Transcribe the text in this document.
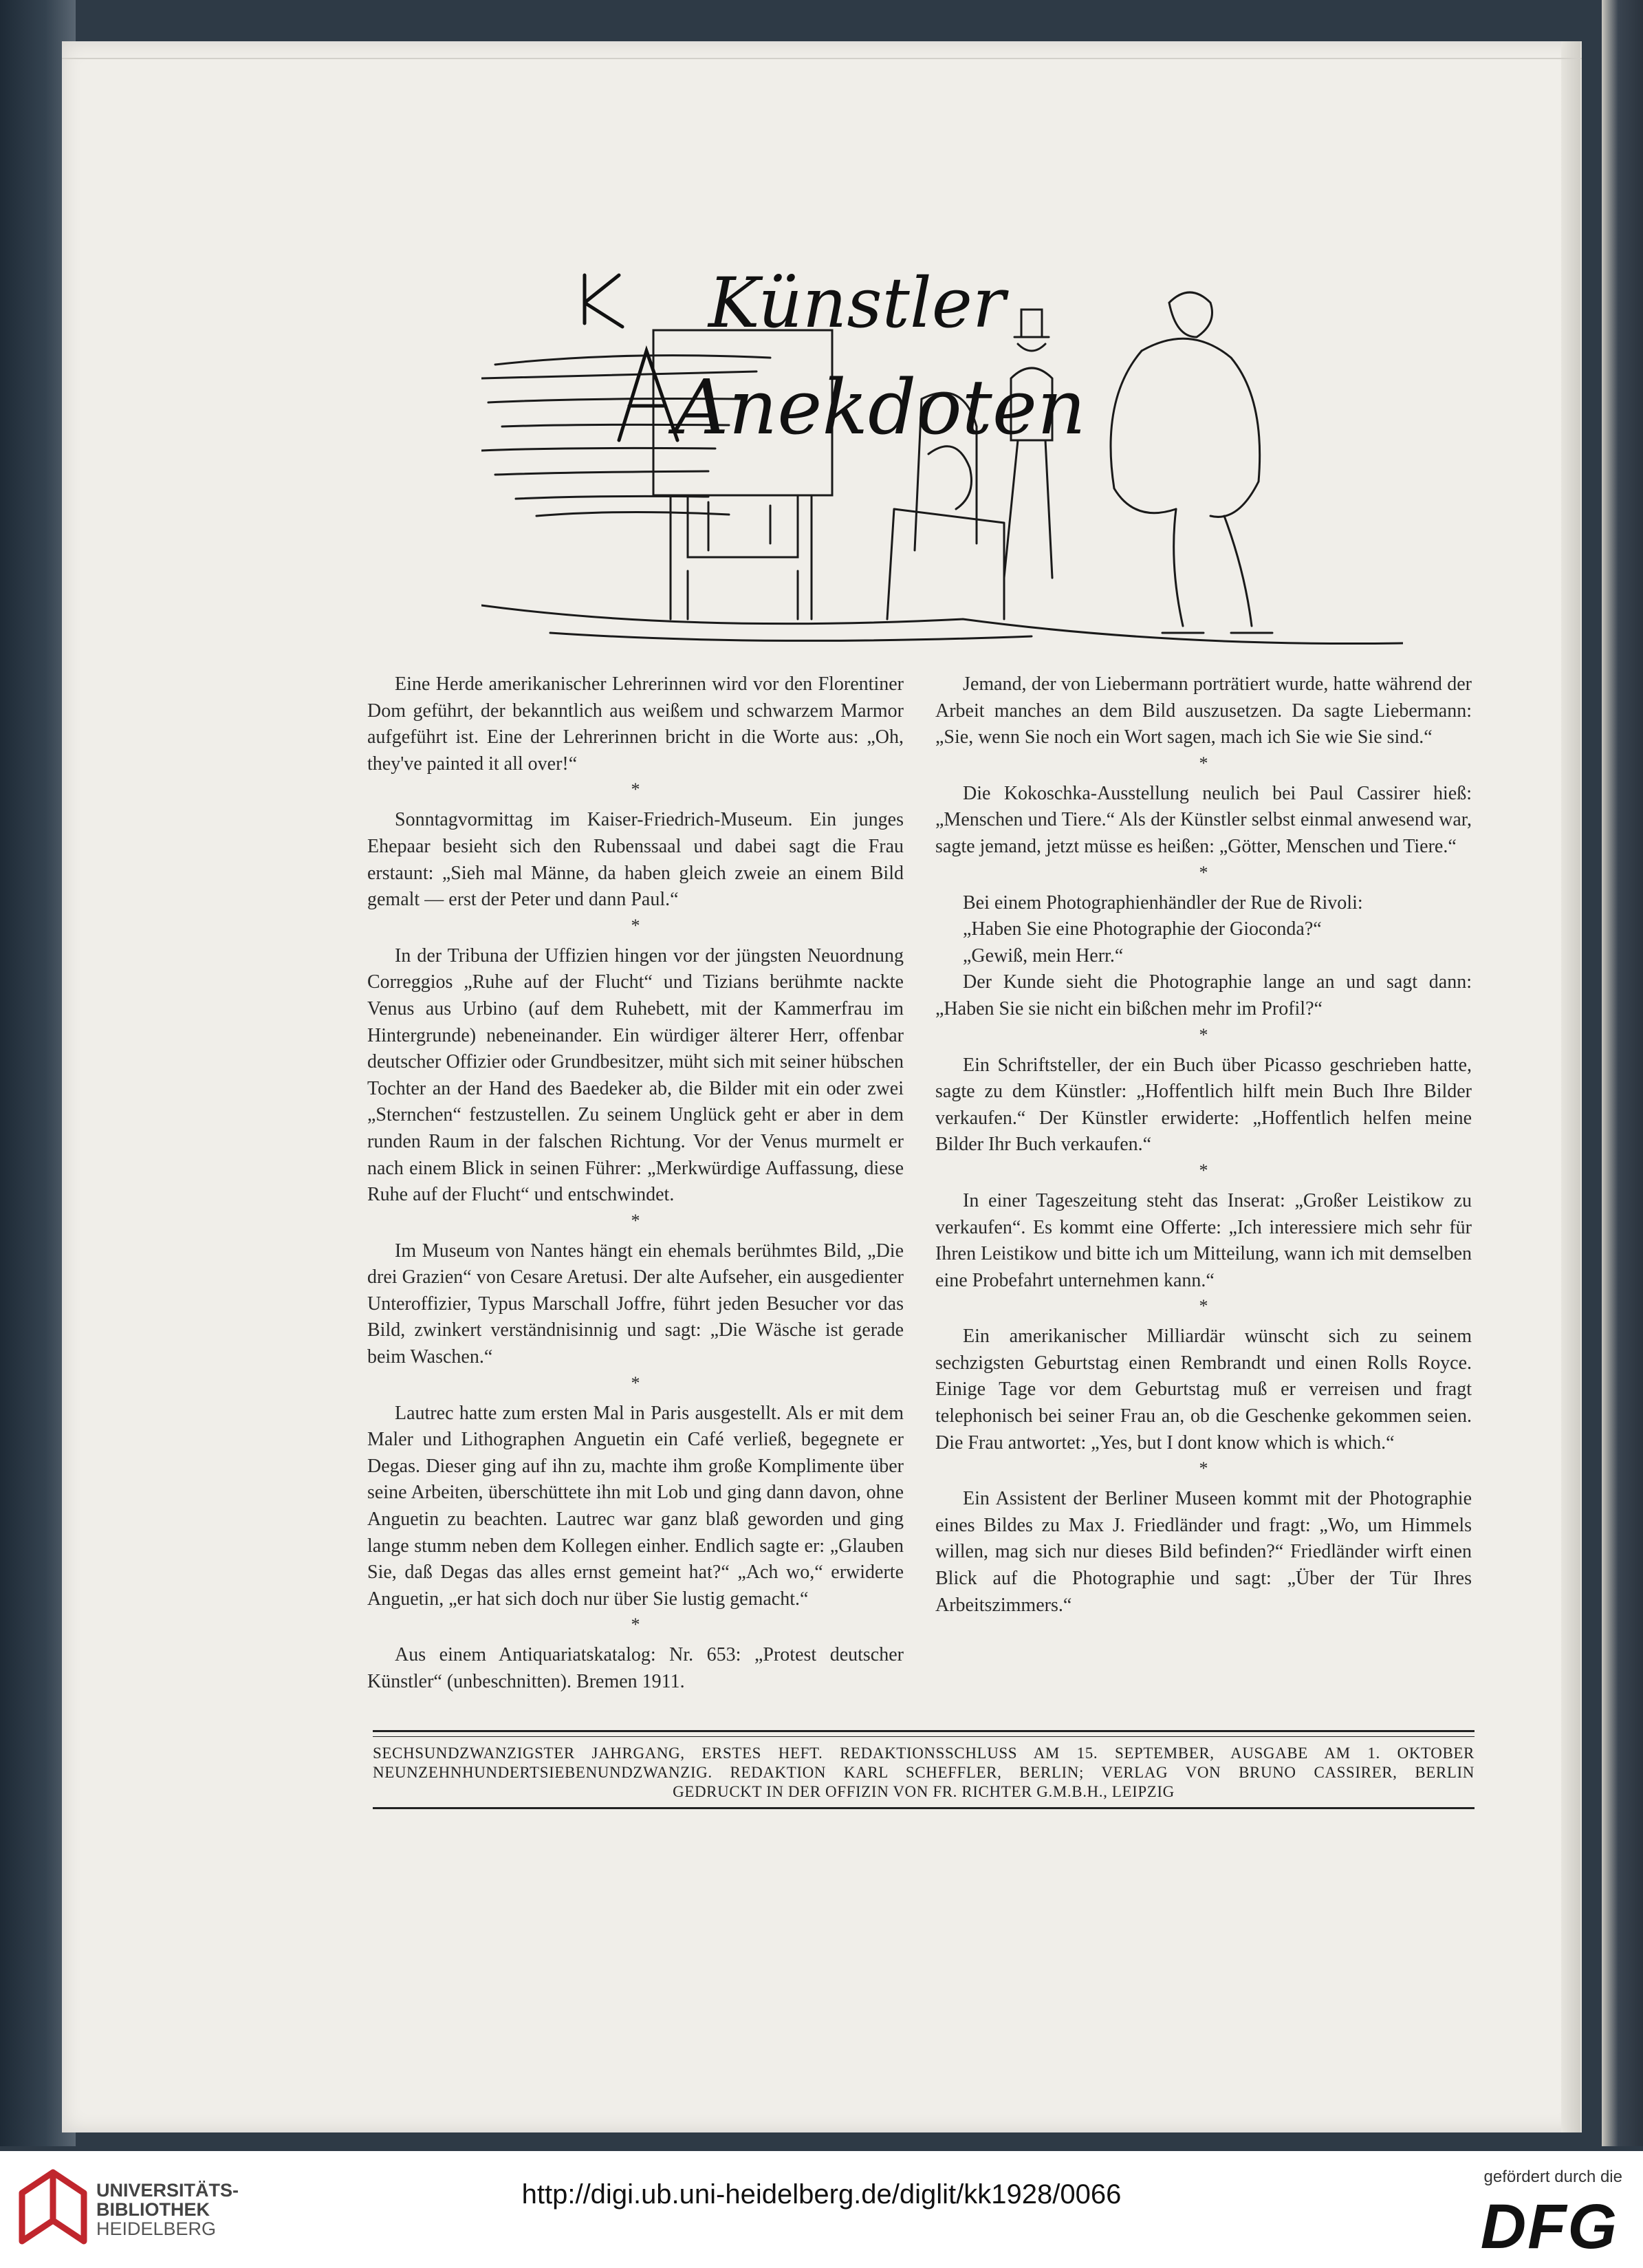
Künstler
Anekdoten

Eine Herde amerikanischer Lehrerinnen wird vor den Florentiner Dom geführt, der bekanntlich aus weißem und schwarzem Marmor aufgeführt ist. Eine der Lehrerinnen bricht in die Worte aus: „Oh, they've painted it all over!“

*

Sonntagvormittag im Kaiser-Friedrich-Museum. Ein junges Ehepaar besieht sich den Rubenssaal und dabei sagt die Frau erstaunt: „Sieh mal Männe, da haben gleich zweie an einem Bild gemalt — erst der Peter und dann Paul.“

*

In der Tribuna der Uffizien hingen vor der jüngsten Neuordnung Correggios „Ruhe auf der Flucht“ und Tizians berühmte nackte Venus aus Urbino (auf dem Ruhebett, mit der Kammerfrau im Hintergrunde) nebeneinander. Ein würdiger älterer Herr, offenbar deutscher Offizier oder Grundbesitzer, müht sich mit seiner hübschen Tochter an der Hand des Baedeker ab, die Bilder mit ein oder zwei „Sternchen“ festzustellen. Zu seinem Unglück geht er aber in dem runden Raum in der falschen Richtung. Vor der Venus murmelt er nach einem Blick in seinen Führer: „Merkwürdige Auffassung, diese Ruhe auf der Flucht“ und entschwindet.

*

Im Museum von Nantes hängt ein ehemals berühmtes Bild, „Die drei Grazien“ von Cesare Aretusi. Der alte Aufseher, ein ausgedienter Unteroffizier, Typus Marschall Joffre, führt jeden Besucher vor das Bild, zwinkert verständnisinnig und sagt: „Die Wäsche ist gerade beim Waschen.“

*

Lautrec hatte zum ersten Mal in Paris ausgestellt. Als er mit dem Maler und Lithographen Anguetin ein Café verließ, begegnete er Degas. Dieser ging auf ihn zu, machte ihm große Komplimente über seine Arbeiten, überschüttete ihn mit Lob und ging dann davon, ohne Anguetin zu beachten. Lautrec war ganz blaß geworden und ging lange stumm neben dem Kollegen einher. Endlich sagte er: „Glauben Sie, daß Degas das alles ernst gemeint hat?“ „Ach wo,“ erwiderte Anguetin, „er hat sich doch nur über Sie lustig gemacht.“

*

Aus einem Antiquariatskatalog: Nr. 653: „Protest deutscher Künstler“ (unbeschnitten). Bremen 1911.

Jemand, der von Liebermann porträtiert wurde, hatte während der Arbeit manches an dem Bild auszusetzen. Da sagte Liebermann: „Sie, wenn Sie noch ein Wort sagen, mach ich Sie wie Sie sind.“

*

Die Kokoschka-Ausstellung neulich bei Paul Cassirer hieß: „Menschen und Tiere.“ Als der Künstler selbst einmal anwesend war, sagte jemand, jetzt müsse es heißen: „Götter, Menschen und Tiere.“

*

Bei einem Photographienhändler der Rue de Rivoli:

„Haben Sie eine Photographie der Gioconda?“

„Gewiß, mein Herr.“

Der Kunde sieht die Photographie lange an und sagt dann: „Haben Sie sie nicht ein bißchen mehr im Profil?“

*

Ein Schriftsteller, der ein Buch über Picasso geschrieben hatte, sagte zu dem Künstler: „Hoffentlich hilft mein Buch Ihre Bilder verkaufen.“ Der Künstler erwiderte: „Hoffentlich helfen meine Bilder Ihr Buch verkaufen.“

*

In einer Tageszeitung steht das Inserat: „Großer Leistikow zu verkaufen“. Es kommt eine Offerte: „Ich interessiere mich sehr für Ihren Leistikow und bitte ich um Mitteilung, wann ich mit demselben eine Probefahrt unternehmen kann.“

*

Ein amerikanischer Milliardär wünscht sich zu seinem sechzigsten Geburtstag einen Rembrandt und einen Rolls Royce. Einige Tage vor dem Geburtstag muß er verreisen und fragt telephonisch bei seiner Frau an, ob die Geschenke gekommen seien. Die Frau antwortet: „Yes, but I dont know which is which.“

*

Ein Assistent der Berliner Museen kommt mit der Photographie eines Bildes zu Max J. Friedländer und fragt: „Wo, um Himmels willen, mag sich nur dieses Bild befinden?“ Friedländer wirft einen Blick auf die Photographie und sagt: „Über der Tür Ihres Arbeitszimmers.“

SECHSUNDZWANZIGSTER JAHRGANG, ERSTES HEFT. REDAKTIONSSCHLUSS AM 15. SEPTEMBER, AUSGABE AM 1. OKTOBER
NEUNZEHNHUNDERTSIEBENUNDZWANZIG. REDAKTION KARL SCHEFFLER, BERLIN; VERLAG VON BRUNO CASSIRER, BERLIN
GEDRUCKT IN DER OFFIZIN VON FR. RICHTER G.M.B.H., LEIPZIG
UNIVERSITÄTS-
BIBLIOTHEK
HEIDELBERG
http://digi.ub.uni-heidelberg.de/diglit/kk1928/0066
gefördert durch die
DFG
